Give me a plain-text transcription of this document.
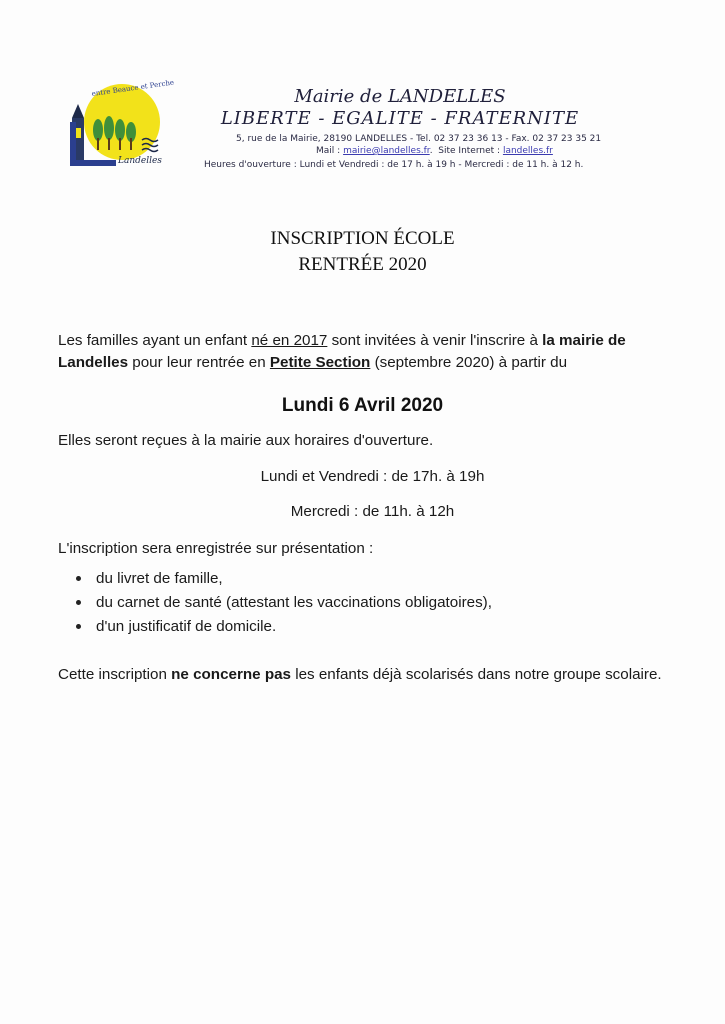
entre Beauce et Perche
Landelles
Mairie de LANDELLES
LIBERTE - EGALITE - FRATERNITE
5, rue de la Mairie, 28190 LANDELLES - Tel. 02 37 23 36 13 - Fax. 02 37 23 35 21
Mail : mairie@landelles.fr.  Site Internet : landelles.fr
Heures d'ouverture : Lundi et Vendredi : de 17 h. à 19 h - Mercredi : de 11 h. à 12 h.
INSCRIPTION ÉCOLE
RENTRÉE 2020
Les familles ayant un enfant né en 2017 sont invitées à venir l'inscrire à la mairie de Landelles pour leur rentrée en Petite Section (septembre 2020) à partir du
Lundi 6 Avril 2020
Elles seront reçues à la mairie aux horaires d'ouverture.
Lundi et Vendredi : de 17h. à 19h
Mercredi : de 11h. à 12h
L'inscription sera enregistrée sur présentation :
du livret de famille,
du carnet de santé (attestant les vaccinations obligatoires),
d'un justificatif de domicile.
Cette inscription ne concerne pas les enfants déjà scolarisés dans notre groupe scolaire.
